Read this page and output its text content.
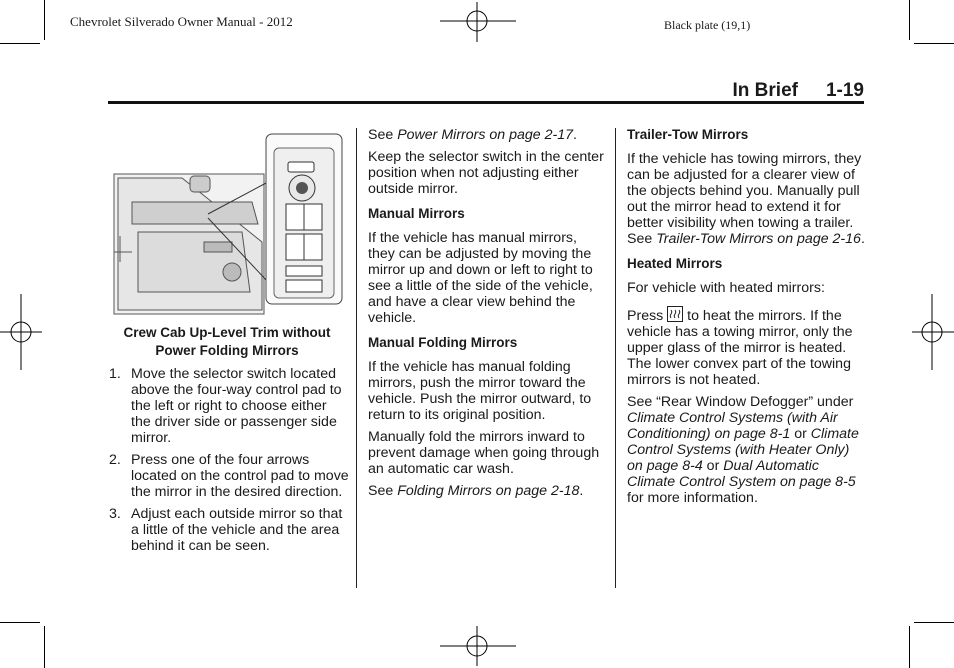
Chevrolet Silverado Owner Manual - 2012	Black plate (19,1)
In Brief 1-19
Crew Cab Up-Level Trim without
Power Folding Mirrors
1. Move the selector switch located above the four-way control pad to the left or right to choose either the driver side or passenger side mirror.
2. Press one of the four arrows located on the control pad to move the mirror in the desired direction.
3. Adjust each outside mirror so that a little of the vehicle and the area behind it can be seen.

See Power Mirrors on page 2-17.

Keep the selector switch in the center position when not adjusting either outside mirror.

Manual Mirrors

If the vehicle has manual mirrors, they can be adjusted by moving the mirror up and down or left to right to see a little of the side of the vehicle, and have a clear view behind the vehicle.

Manual Folding Mirrors

If the vehicle has manual folding mirrors, push the mirror toward the vehicle. Push the mirror outward, to return to its original position.

Manually fold the mirrors inward to prevent damage when going through an automatic car wash.

See Folding Mirrors on page 2-18.

Trailer-Tow Mirrors

If the vehicle has towing mirrors, they can be adjusted for a clearer view of the objects behind you. Manually pull out the mirror head to extend it for better visibility when towing a trailer. See Trailer-Tow Mirrors on page 2-16.

Heated Mirrors

For vehicle with heated mirrors:

Press  to heat the mirrors. If the vehicle has a towing mirror, only the upper glass of the mirror is heated. The lower convex part of the towing mirrors is not heated.

See “Rear Window Defogger” under Climate Control Systems (with Air Conditioning) on page 8-1 or Climate Control Systems (with Heater Only) on page 8-4 or Dual Automatic Climate Control System on page 8-5 for more information.
